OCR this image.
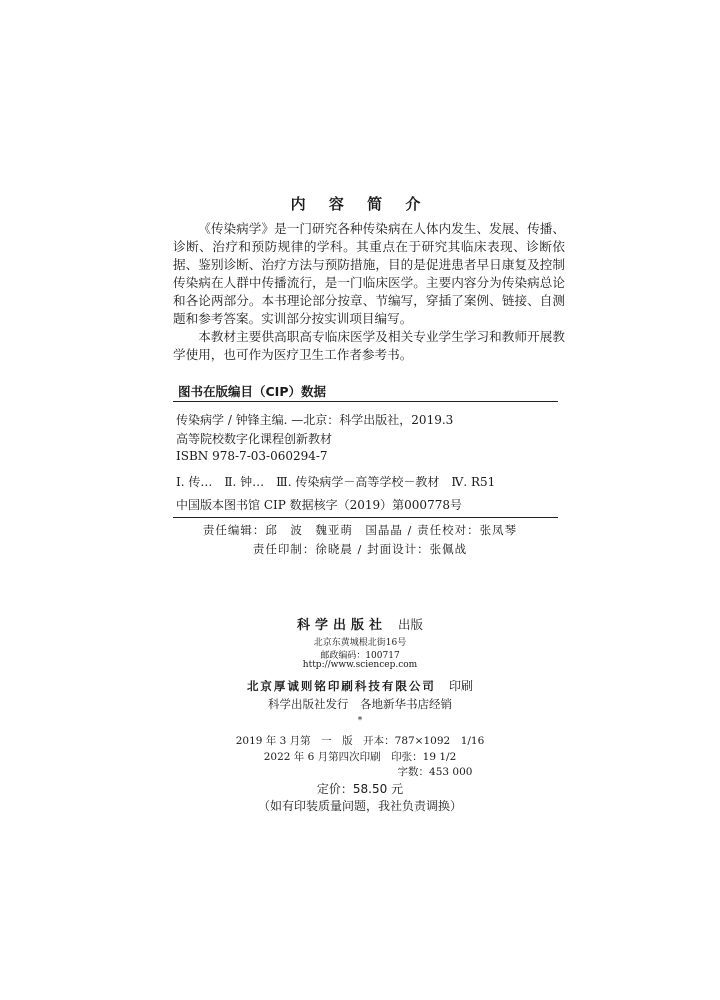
内 容 简 介

《传染病学》是一门研究各种传染病在人体内发生、发展、传播、诊断、治疗和预防规律的学科。其重点在于研究其临床表现、诊断依据、鉴别诊断、治疗方法与预防措施，目的是促进患者早日康复及控制传染病在人群中传播流行，是一门临床医学。主要内容分为传染病总论和各论两部分。本书理论部分按章、节编写，穿插了案例、链接、自测题和参考答案。实训部分按实训项目编写。

本教材主要供高职高专临床医学及相关专业学生学习和教师开展教学使用，也可作为医疗卫生工作者参考书。

图书在版编目（CIP）数据
传染病学 / 钟锋主编. —北京：科学出版社，2019.3
高等院校数字化课程创新教材
ISBN 978-7-03-060294-7
Ⅰ. 传…　Ⅱ. 钟…　Ⅲ. 传染病学－高等学校－教材　Ⅳ. R51
中国版本图书馆 CIP 数据核字（2019）第000778号
责任编辑：邱　波　魏亚萌　国晶晶 / 责任校对：张凤琴
责任印制：徐晓晨 / 封面设计：张佩战
科学出版社 出版
北京东黄城根北街16号
邮政编码：100717
http://www.sciencep.com
北京厚诚则铭印刷科技有限公司 印刷
科学出版社发行　各地新华书店经销
*
2019 年 3 月第　一　版　开本：787×1092　1/16
2022 年 6 月第四次印刷　印张：19 1/2
字数：453 000
定价：58.50 元
（如有印装质量问题，我社负责调换）
